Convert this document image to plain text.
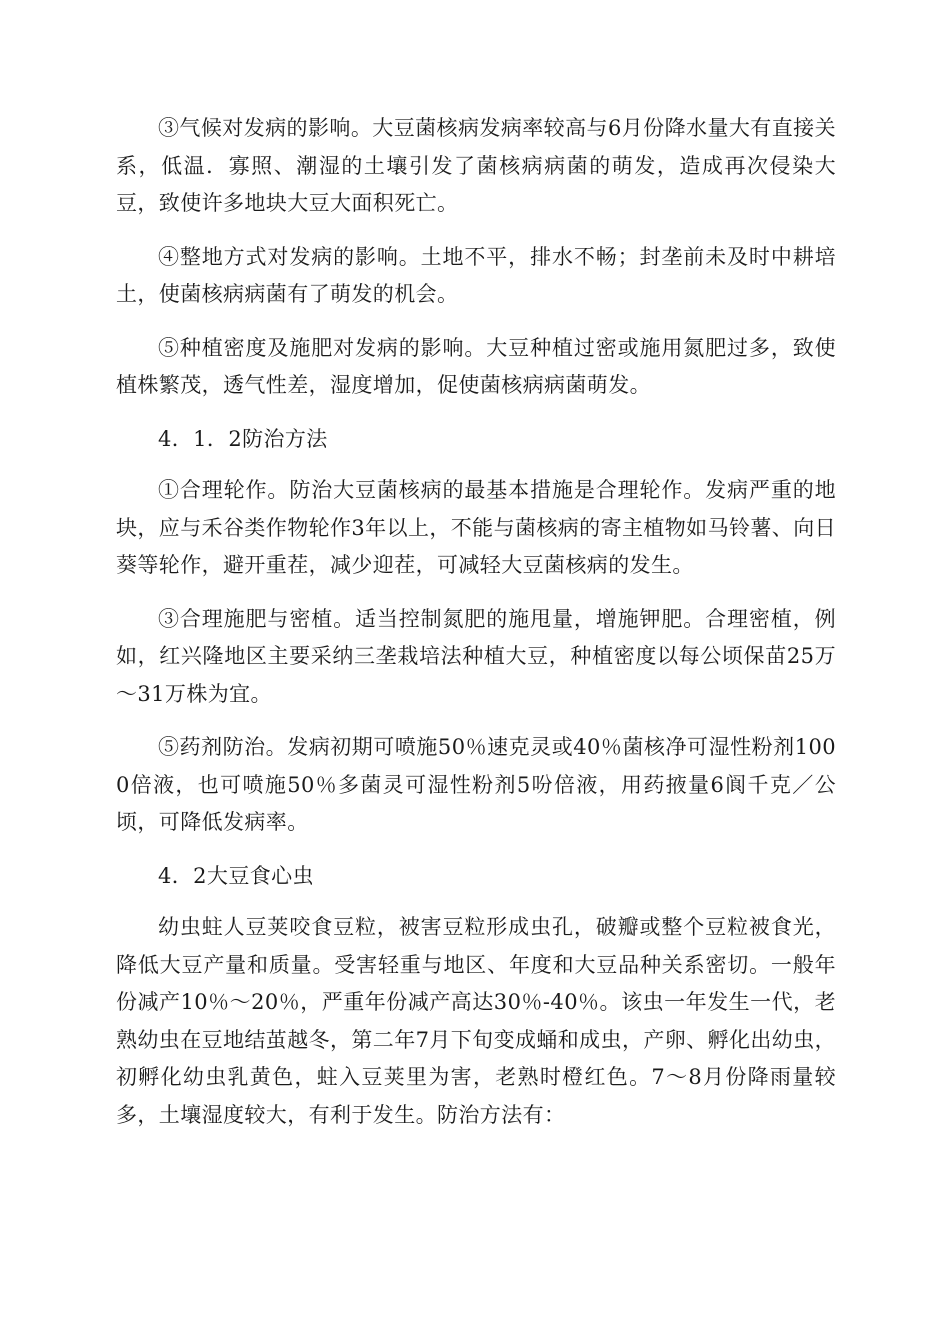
③气候对发病的影响。大豆菌核病发病率较高与6月份降水量大有直接关系，低温．寡照、潮湿的土壤引发了菌核病病菌的萌发，造成再次侵染大豆，致使许多地块大豆大面积死亡。

④整地方式对发病的影响。土地不平，排水不畅；封垄前未及时中耕培土，使菌核病病菌有了萌发的机会。

⑤种植密度及施肥对发病的影响。大豆种植过密或施用氮肥过多，致使植株繁茂，透气性差，湿度增加，促使菌核病病菌萌发。

4．1．2防治方法

①合理轮作。防治大豆菌核病的最基本措施是合理轮作。发病严重的地块，应与禾谷类作物轮作3年以上，不能与菌核病的寄主植物如马铃薯、向日葵等轮作，避开重茬，减少迎茬，可减轻大豆菌核病的发生。

③合理施肥与密植。适当控制氮肥的施甩量，增施钾肥。合理密植，例如，红兴隆地区主要采纳三垄栽培法种植大豆，种植密度以每公顷保苗25万～31万株为宜。

⑤药剂防治。发病初期可喷施50％速克灵或40％菌核净可湿性粉剂1000倍液，也可喷施50％多菌灵可湿性粉剂5吩倍液，用药掖量6阆千克／公顷，可降低发病率。

4．2大豆食心虫

幼虫蛀人豆荚咬食豆粒，被害豆粒形成虫孔，破瓣或整个豆粒被食光，降低大豆产量和质量。受害轻重与地区、年度和大豆品种关系密切。一般年份减产10％～20％，严重年份减产高达30％-40％。该虫一年发生一代，老熟幼虫在豆地结茧越冬，第二年7月下旬变成蛹和成虫，产卵、孵化出幼虫，初孵化幼虫乳黄色，蛀入豆荚里为害，老熟时橙红色。7～8月份降雨量较多，土壤湿度较大，有利于发生。防治方法有：
